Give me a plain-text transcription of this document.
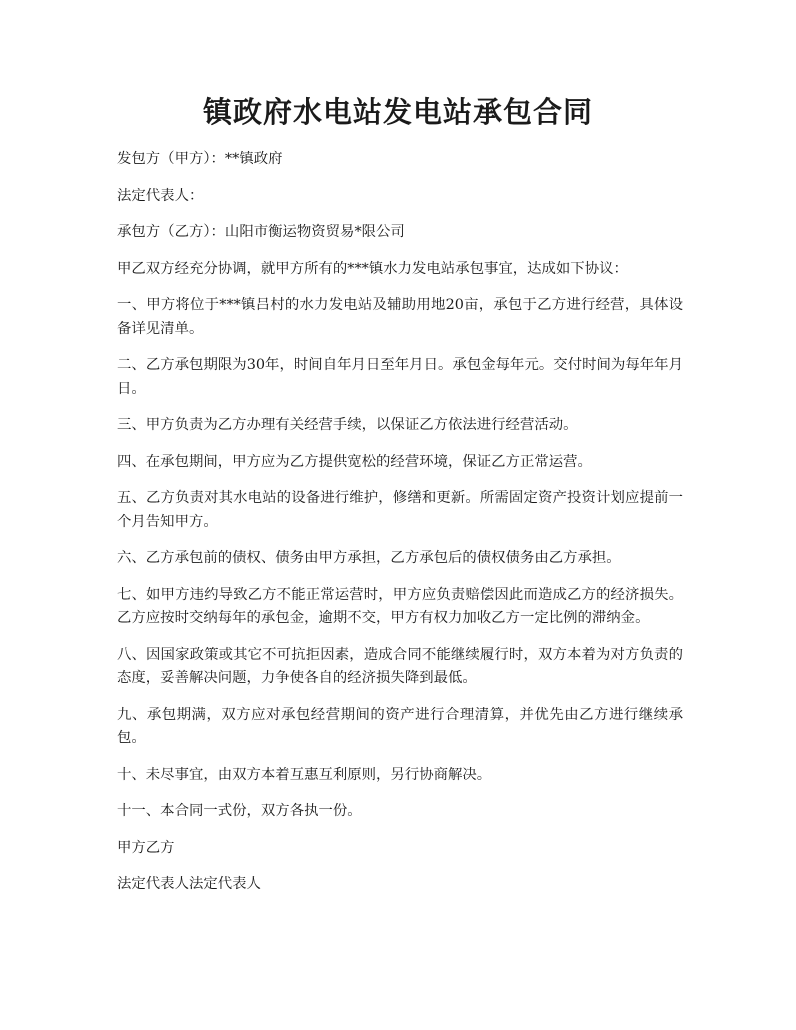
镇政府水电站发电站承包合同

发包方（甲方）：**镇政府

法定代表人：

承包方（乙方）：山阳市衡运物资贸易*限公司

甲乙双方经充分协调，就甲方所有的***镇水力发电站承包事宜，达成如下协议：

一、甲方将位于***镇吕村的水力发电站及辅助用地20亩，承包于乙方进行经营，具体设备详见清单。

二、乙方承包期限为30年，时间自年月日至年月日。承包金每年元。交付时间为每年年月日。

三、甲方负责为乙方办理有关经营手续，以保证乙方依法进行经营活动。

四、在承包期间，甲方应为乙方提供宽松的经营环境，保证乙方正常运营。

五、乙方负责对其水电站的设备进行维护，修缮和更新。所需固定资产投资计划应提前一个月告知甲方。

六、乙方承包前的债权、债务由甲方承担，乙方承包后的债权债务由乙方承担。

七、如甲方违约导致乙方不能正常运营时，甲方应负责赔偿因此而造成乙方的经济损失。乙方应按时交纳每年的承包金，逾期不交，甲方有权力加收乙方一定比例的滞纳金。

八、因国家政策或其它不可抗拒因素，造成合同不能继续履行时，双方本着为对方负责的态度，妥善解决问题，力争使各自的经济损失降到最低。

九、承包期满，双方应对承包经营期间的资产进行合理清算，并优先由乙方进行继续承包。

十、未尽事宜，由双方本着互惠互利原则，另行协商解决。

十一、本合同一式份，双方各执一份。

甲方乙方

法定代表人法定代表人
